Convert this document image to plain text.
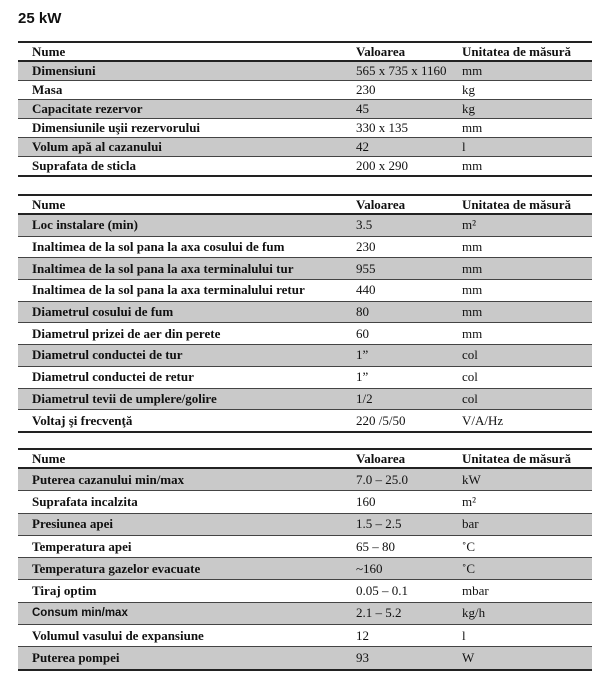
25 kW
Nume	Valoarea	Unitatea de măsură
Dimensiuni	565 x 735 x 1160	mm
Masa	230	kg
Capacitate rezervor	45	kg
Dimensiunile uşii rezervorului	330 x 135	mm
Volum apă al cazanului	42	l
Suprafata de sticla	200 x 290	mm
Nume	Valoarea	Unitatea de măsură
Loc instalare (min)	3.5	m²
Inaltimea de la sol pana la axa cosului de fum	230	mm
Inaltimea de la sol pana la axa terminalului tur	955	mm
Inaltimea de la sol pana la axa terminalului retur	440	mm
Diametrul cosului de fum	80	mm
Diametrul prizei de aer din perete	60	mm
Diametrul conductei de tur	1”	col
Diametrul conductei de retur	1”	col
Diametrul tevii de umplere/golire	1/2	col
Voltaj şi frecvenţă	220 /5/50	V/A/Hz
Nume	Valoarea	Unitatea de măsură
Puterea cazanului min/max	7.0 – 25.0	kW
Suprafata incalzita	160	m²
Presiunea apei	1.5 – 2.5	bar
Temperatura apei	65 – 80	˚C
Temperatura gazelor evacuate	~160	˚C
Tiraj optim	0.05 – 0.1	mbar
Consum min/max	2.1 – 5.2	kg/h
Volumul vasului de expansiune	12	l
Puterea pompei	93	W
